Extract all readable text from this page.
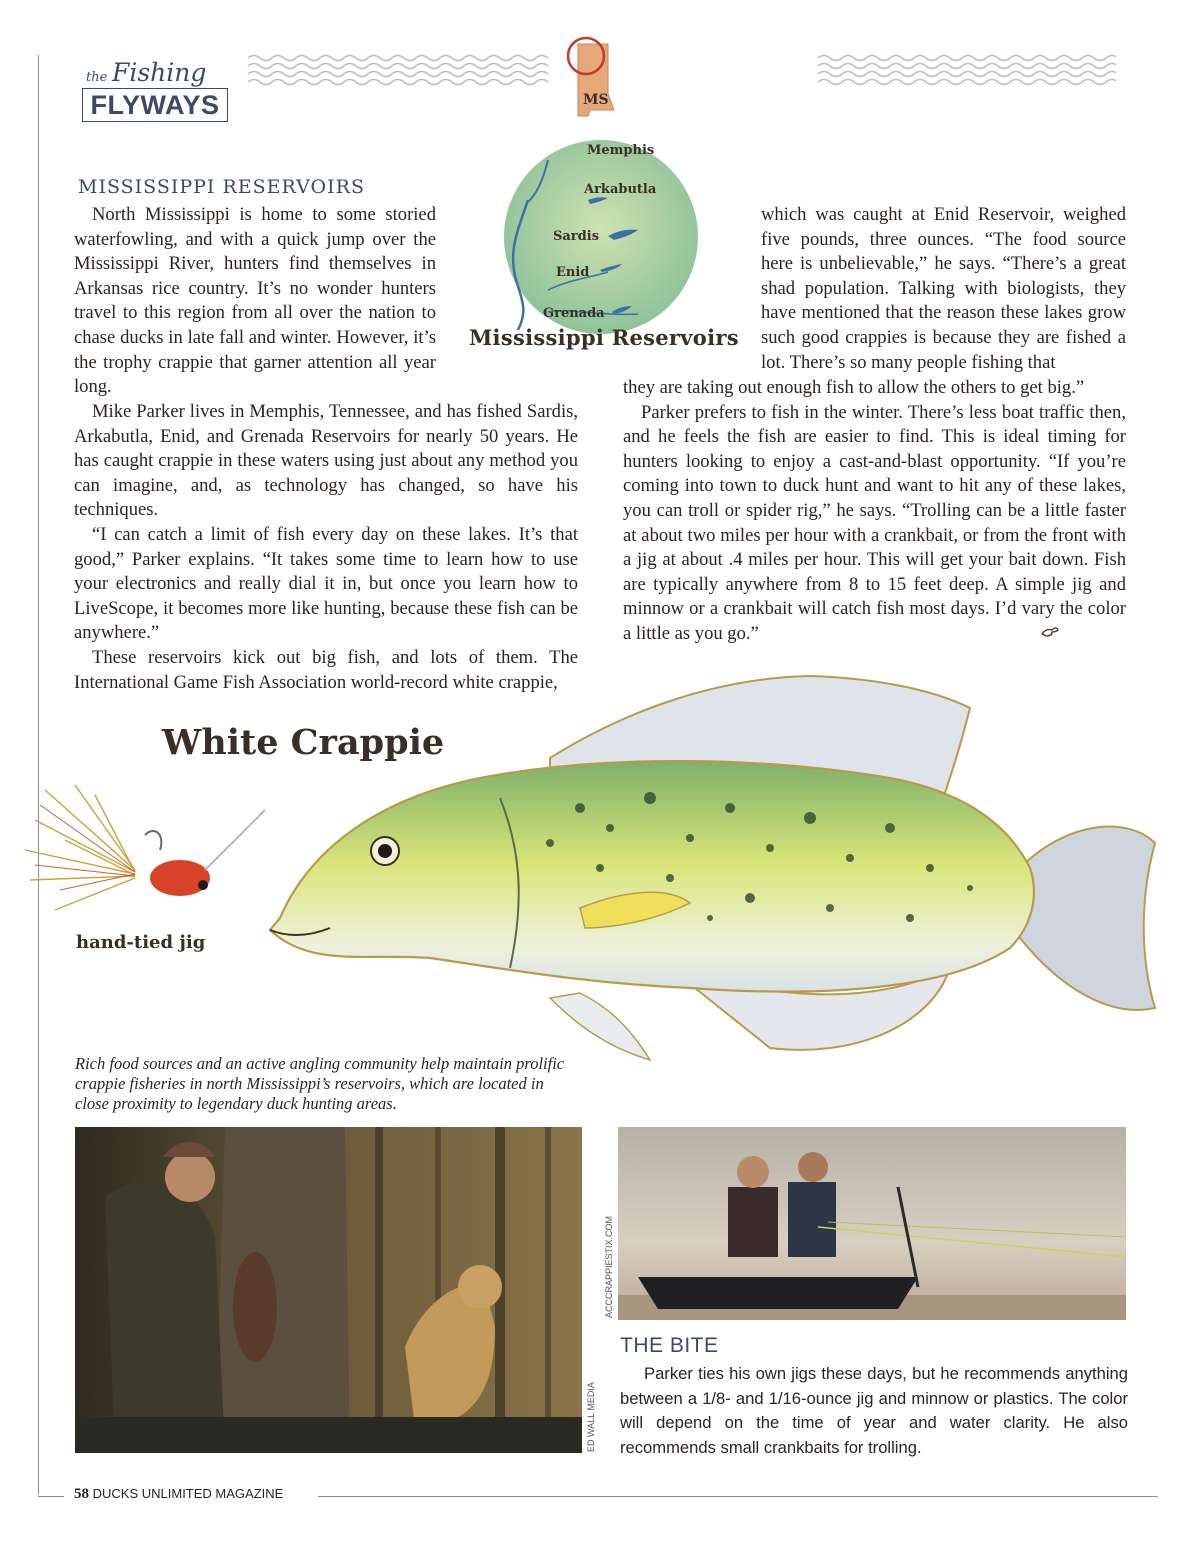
the Fishing
FLYWAYS	MS
Memphis
Arkabutla
Sardis
Enid
Grenada
Mississippi Reservoirs
MISSISSIPPI RESERVOIRS

North Mississippi is home to some storied waterfowling, and with a quick jump over the Mississippi River, hunters find themselves in Arkansas rice country. It’s no wonder hunters travel to this region from all over the nation to chase ducks in late fall and winter. However, it’s the trophy crappie that garner attention all year long.

Mike Parker lives in Memphis, Tennessee, and has fished Sardis, Arkabutla, Enid, and Grenada Reservoirs for nearly 50 years. He has caught crappie in these waters using just about any method you can imagine, and, as technology has changed, so have his techniques.

“I can catch a limit of fish every day on these lakes. It’s that good,” Parker explains. “It takes some time to learn how to use your electronics and really dial it in, but once you learn how to LiveScope, it becomes more like hunting, because these fish can be anywhere.”

These reservoirs kick out big fish, and lots of them. The International Game Fish Association world-record white crappie,

which was caught at Enid Reservoir, weighed five pounds, three ounces. “The food source here is unbelievable,” he says. “There’s a great shad population. Talking with biologists, they have mentioned that the reason these lakes grow such good crappies is because they are fished a lot. There’s so many people fishing that

they are taking out enough fish to allow the others to get big.”

Parker prefers to fish in the winter. There’s less boat traffic then, and he feels the fish are easier to find. This is ideal timing for hunters looking to enjoy a cast-and-blast opportunity. “If you’re coming into town to duck hunt and want to hit any of these lakes, you can troll or spider rig,” he says. “Trolling can be a little faster at about two miles per hour with a crankbait, or from the front with a jig at about .4 miles per hour. This will get your bait down. Fish are typically anywhere from 8 to 15 feet deep. A simple jig and minnow or a crankbait will catch fish most days. I’d vary the color a little as you go.”

White Crappie
hand-tied jig
Rich food sources and an active angling community help maintain prolific crappie fisheries in north Mississippi’s reservoirs, which are located in close proximity to legendary duck hunting areas.
ED WALL MEDIA
ACCCRAPPIESTIX.COM
THE BITE

Parker ties his own jigs these days, but he recommends anything between a 1/8- and 1/16-ounce jig and minnow or plastics. The color will depend on the time of year and water clarity. He also recommends small crankbaits for trolling.

58 DUCKS UNLIMITED MAGAZINE
